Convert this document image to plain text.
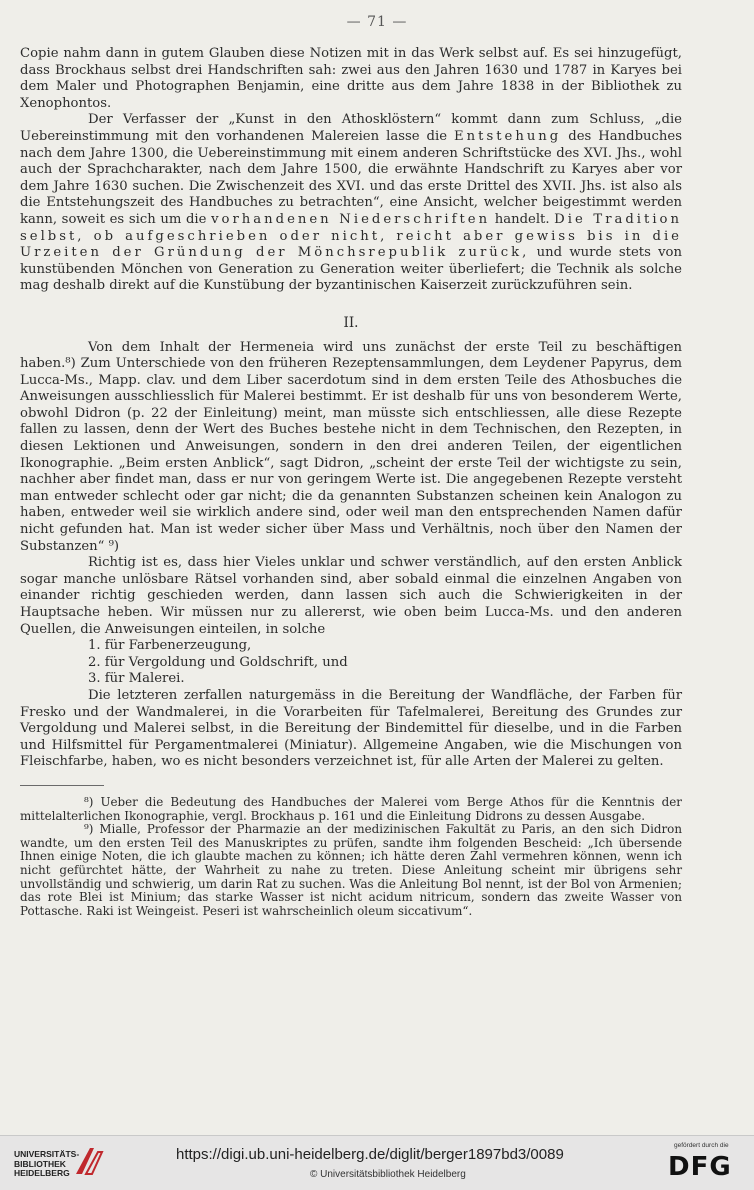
— 71 —

Copie nahm dann in gutem Glauben diese Notizen mit in das Werk selbst auf. Es sei hinzugefügt, dass Brockhaus selbst drei Handschriften sah: zwei aus den Jahren 1630 und 1787 in Karyes bei dem Maler und Photographen Benjamin, eine dritte aus dem Jahre 1838 in der Bibliothek zu Xenophontos.

Der Verfasser der „Kunst in den Athosklöstern“ kommt dann zum Schluss, „die Uebereinstimmung mit den vorhandenen Malereien lasse die Entstehung des Handbuches nach dem Jahre 1300, die Uebereinstimmung mit einem anderen Schriftstücke des XVI. Jhs., wohl auch der Sprachcharakter, nach dem Jahre 1500, die erwähnte Handschrift zu Karyes aber vor dem Jahre 1630 suchen. Die Zwischenzeit des XVI. und das erste Drittel des XVII. Jhs. ist also als die Entstehungszeit des Handbuches zu betrachten“, eine Ansicht, welcher beigestimmt werden kann, soweit es sich um die vorhandenen Niederschriften handelt. Die Tradition selbst, ob aufgeschrieben oder nicht, reicht aber gewiss bis in die Urzeiten der Gründung der Mönchsrepublik zurück, und wurde stets von kunstübenden Mönchen von Generation zu Generation weiter überliefert; die Technik als solche mag deshalb direkt auf die Kunstübung der byzantinischen Kaiserzeit zurückzuführen sein.

II.

Von dem Inhalt der Hermeneia wird uns zunächst der erste Teil zu beschäftigen haben.⁸) Zum Unterschiede von den früheren Rezeptensammlungen, dem Leydener Papyrus, dem Lucca-Ms., Mapp. clav. und dem Liber sacerdotum sind in dem ersten Teile des Athosbuches die Anweisungen ausschliesslich für Malerei bestimmt. Er ist deshalb für uns von besonderem Werte, obwohl Didron (p. 22 der Einleitung) meint, man müsste sich entschliessen, alle diese Rezepte fallen zu lassen, denn der Wert des Buches bestehe nicht in dem Technischen, den Rezepten, in diesen Lektionen und Anweisungen, sondern in den drei anderen Teilen, der eigentlichen Ikonographie. „Beim ersten Anblick“, sagt Didron, „scheint der erste Teil der wichtigste zu sein, nachher aber findet man, dass er nur von geringem Werte ist. Die angegebenen Rezepte versteht man entweder schlecht oder gar nicht; die da genannten Substanzen scheinen kein Analogon zu haben, entweder weil sie wirklich andere sind, oder weil man den entsprechenden Namen dafür nicht gefunden hat. Man ist weder sicher über Mass und Verhältnis, noch über den Namen der Substanzen“ ⁹)

Richtig ist es, dass hier Vieles unklar und schwer verständlich, auf den ersten Anblick sogar manche unlösbare Rätsel vorhanden sind, aber sobald einmal die einzelnen Angaben von einander richtig geschieden werden, dann lassen sich auch die Schwierigkeiten in der Hauptsache heben. Wir müssen nur zu allererst, wie oben beim Lucca-Ms. und den anderen Quellen, die Anweisungen einteilen, in solche

1. für Farbenerzeugung,
2. für Vergoldung und Goldschrift, und
3. für Malerei.

Die letzteren zerfallen naturgemäss in die Bereitung der Wandfläche, der Farben für Fresko und der Wandmalerei, in die Vorarbeiten für Tafelmalerei, Bereitung des Grundes zur Vergoldung und Malerei selbst, in die Bereitung der Bindemittel für dieselbe, und in die Farben und Hilfsmittel für Pergamentmalerei (Miniatur). Allgemeine Angaben, wie die Mischungen von Fleischfarbe, haben, wo es nicht besonders verzeichnet ist, für alle Arten der Malerei zu gelten.

⁸) Ueber die Bedeutung des Handbuches der Malerei vom Berge Athos für die Kenntnis der mittelalterlichen Ikonographie, vergl. Brockhaus p. 161 und die Einleitung Didrons zu dessen Ausgabe.

⁹) Mialle, Professor der Pharmazie an der medizinischen Fakultät zu Paris, an den sich Didron wandte, um den ersten Teil des Manuskriptes zu prüfen, sandte ihm folgenden Bescheid: „Ich übersende Ihnen einige Noten, die ich glaubte machen zu können; ich hätte deren Zahl vermehren können, wenn ich nicht gefürchtet hätte, der Wahrheit zu nahe zu treten. Diese Anleitung scheint mir übrigens sehr unvollständig und schwierig, um darin Rat zu suchen. Was die Anleitung Bol nennt, ist der Bol von Armenien; das rote Blei ist Minium; das starke Wasser ist nicht acidum nitricum, sondern das zweite Wasser von Pottasche. Raki ist Weingeist. Peseri ist wahrscheinlich oleum siccativum“.

UNIVERSITÄTS-
BIBLIOTHEK
HEIDELBERG
https://digi.ub.uni-heidelberg.de/diglit/berger1897bd3/0089
© Universitätsbibliothek Heidelberg
gefördert durch die
DFG
